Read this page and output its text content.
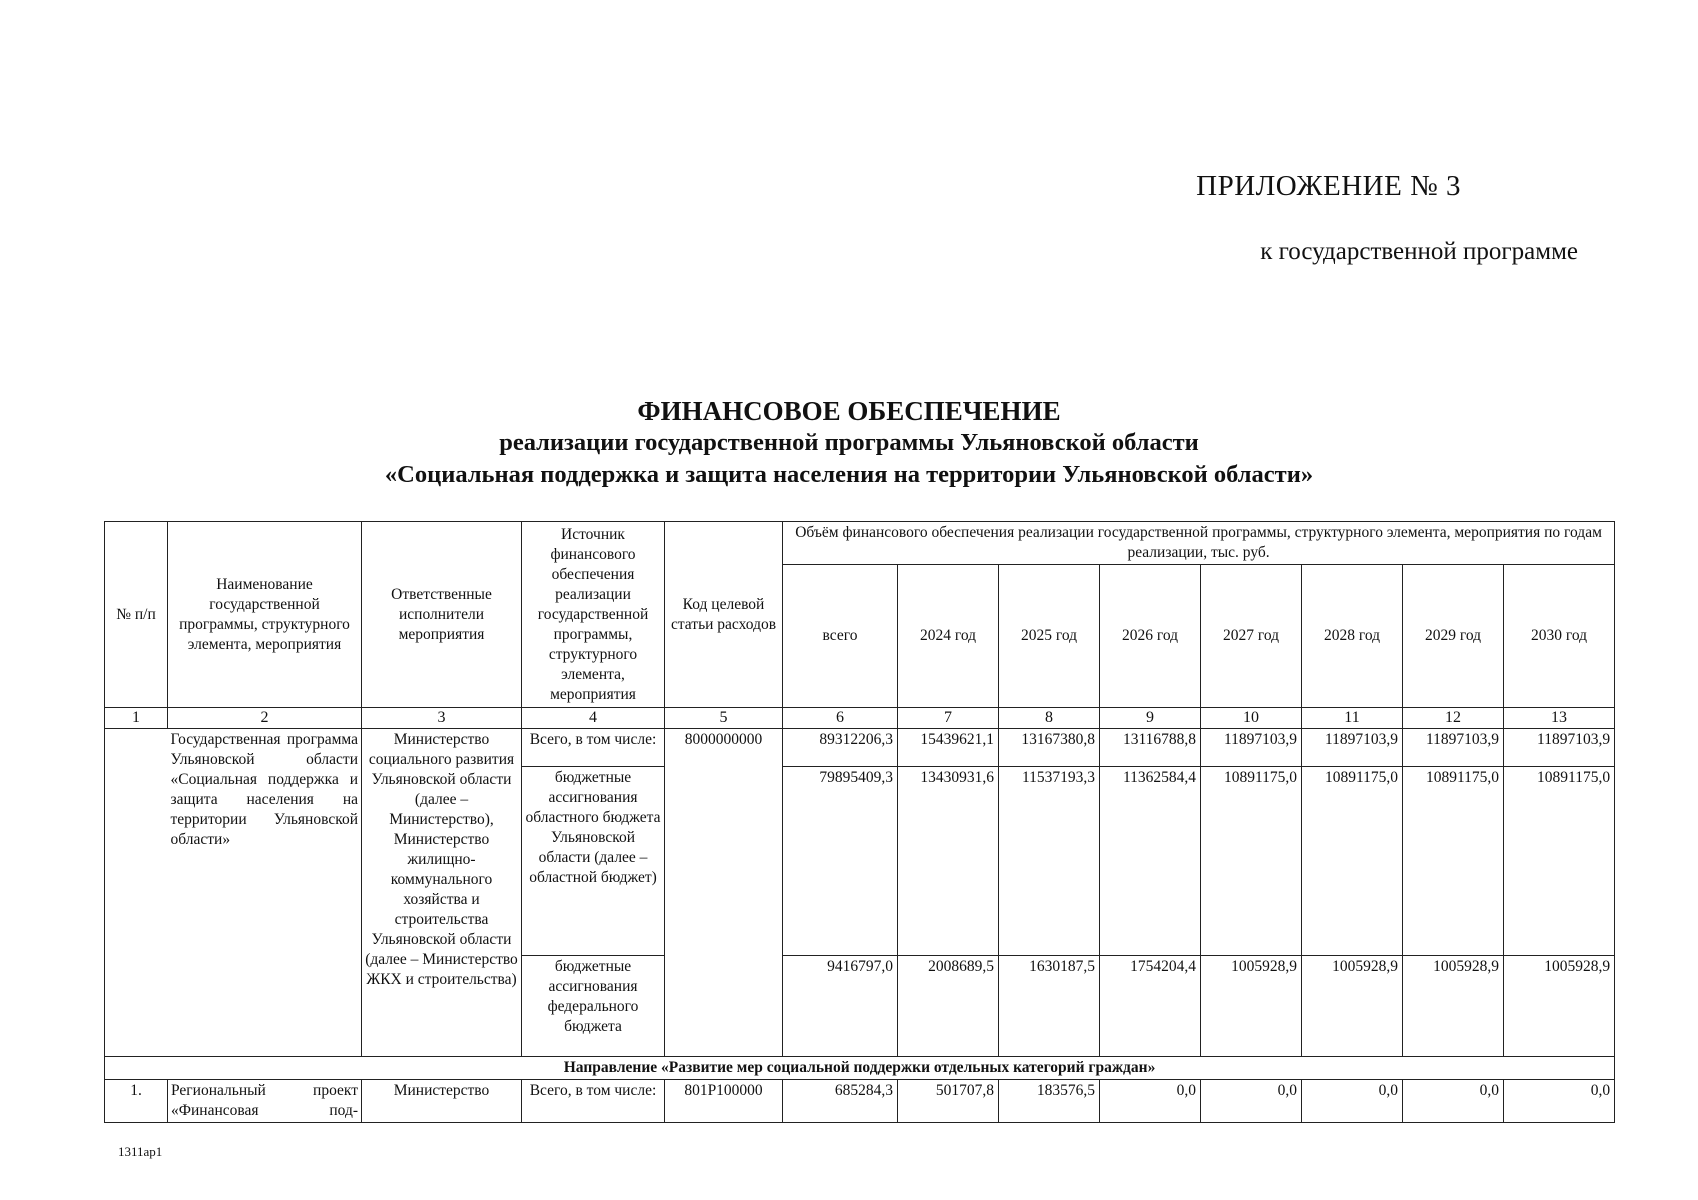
ПРИЛОЖЕНИЕ № 3
к государственной программе
ФИНАНСОВОЕ ОБЕСПЕЧЕНИЕ
реализации государственной программы Ульяновской области
«Социальная поддержка и защита населения на территории Ульяновской области»
№ п/п	Наименование государственной программы, структурного элемента, мероприятия	Ответственные исполнители мероприятия	Источник финансового обеспечения реализации государственной программы, структурного элемента, мероприятия	Код целевой статьи расходов	Объём финансового обеспечения реализации государственной программы, структурного элемента, мероприятия по годам реализации, тыс. руб.							
					всего	2024 год	2025 год	2026 год	2027 год	2028 год	2029 год	2030 год
1	2	3	4	5	6	7	8	9	10	11	12	13
	Государственная программа Ульяновской области «Социальная поддержка и защита населения на территории Ульяновской области»	Министерство социального развития Ульяновской области (далее – Министерство), Министерство жилищно-коммунального хозяйства и строительства Ульяновской области (далее – Министерство ЖКХ и строительства)	Всего, в том числе:	8000000000	89312206,3	15439621,1	13167380,8	13116788,8	11897103,9	11897103,9	11897103,9	11897103,9
			бюджетные ассигнования областного бюджета Ульяновской области (далее – областной бюджет)		79895409,3	13430931,6	11537193,3	11362584,4	10891175,0	10891175,0	10891175,0	10891175,0
			бюджетные ассигнования федерального бюджета		9416797,0	2008689,5	1630187,5	1754204,4	1005928,9	1005928,9	1005928,9	1005928,9
Направление «Развитие мер социальной поддержки отдельных категорий граждан»												
1.	Региональный проект «Финансовая под-	Министерство	Всего, в том числе:	801P100000	685284,3	501707,8	183576,5	0,0	0,0	0,0	0,0	0,0
1311ap1
